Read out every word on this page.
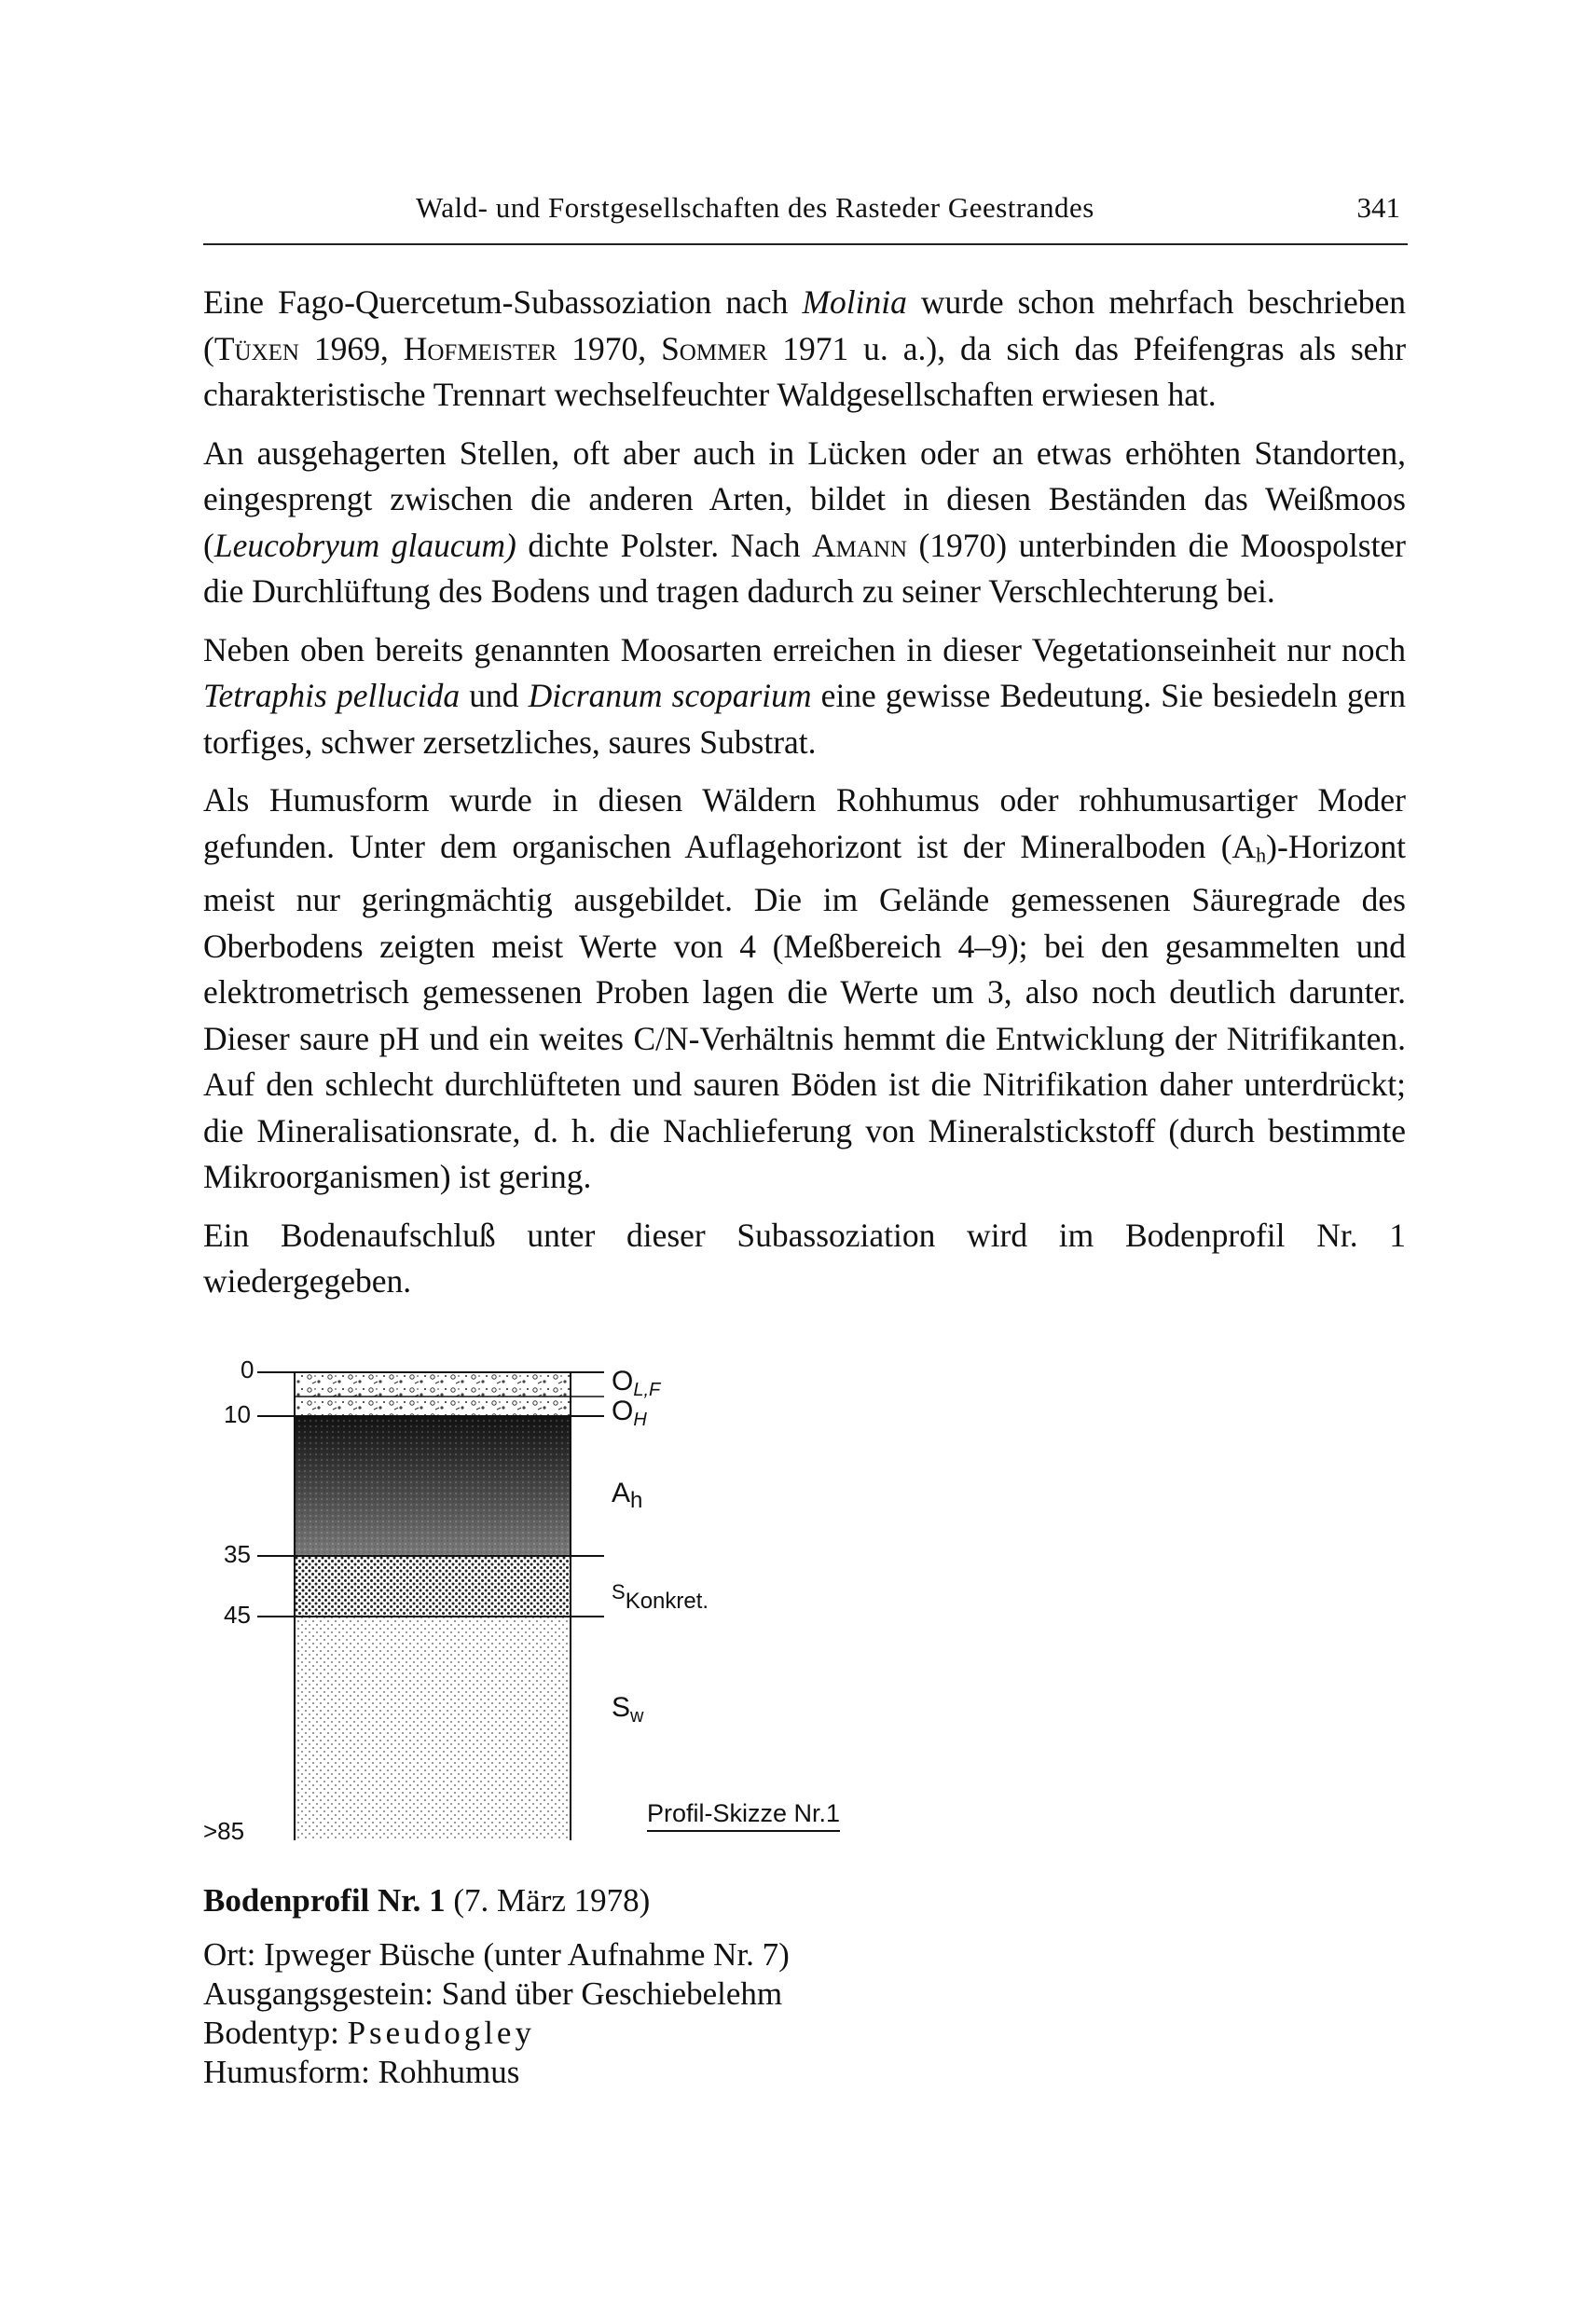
Wald- und Forstgesellschaften des Rasteder Geestrandes	341

Eine Fago-Quercetum-Subassoziation nach Molinia wurde schon mehrfach beschrieben (Tüxen 1969, Hofmeister 1970, Sommer 1971 u. a.), da sich das Pfeifengras als sehr charakteristische Trennart wechselfeuchter Waldgesellschaften erwiesen hat.

An ausgehagerten Stellen, oft aber auch in Lücken oder an etwas erhöhten Standorten, eingesprengt zwischen die anderen Arten, bildet in diesen Beständen das Weißmoos (Leucobryum glaucum) dichte Polster. Nach Amann (1970) unterbinden die Moospolster die Durchlüftung des Bodens und tragen dadurch zu seiner Verschlechterung bei.

Neben oben bereits genannten Moosarten erreichen in dieser Vegetationseinheit nur noch Tetraphis pellucida und Dicranum scoparium eine gewisse Bedeutung. Sie besiedeln gern torfiges, schwer zersetzliches, saures Substrat.

Als Humusform wurde in diesen Wäldern Rohhumus oder rohhumusartiger Moder gefunden. Unter dem organischen Auflagehorizont ist der Mineralboden $(A_h)$-Horizont meist nur geringmächtig ausgebildet. Die im Gelände gemessenen Säuregrade des Oberbodens zeigten meist Werte von 4 (Meßbereich 4–9); bei den gesammelten und elektrometrisch gemessenen Proben lagen die Werte um 3, also noch deutlich darunter. Dieser saure pH und ein weites C/N-Verhältnis hemmt die Entwicklung der Nitrifikanten. Auf den schlecht durchlüfteten und sauren Böden ist die Nitrifikation daher unterdrückt; die Mineralisationsrate, d. h. die Nachlieferung von Mineralstickstoff (durch bestimmte Mikroorganismen) ist gering.

Ein Bodenaufschluß unter dieser Subassoziation wird im Bodenprofil Nr. 1 wiedergegeben.

0
10
35
45
>85
$O_{L,F}$
$O_H$
$A_h$
$^S$Konkret.
$S_w$
Profil-Skizze Nr.1
Bodenprofil Nr. 1 (7. März 1978)
Ort: Ipweger Büsche (unter Aufnahme Nr. 7)
Ausgangsgestein: Sand über Geschiebelehm
Bodentyp: Pseudogley
Humusform: Rohhumus
